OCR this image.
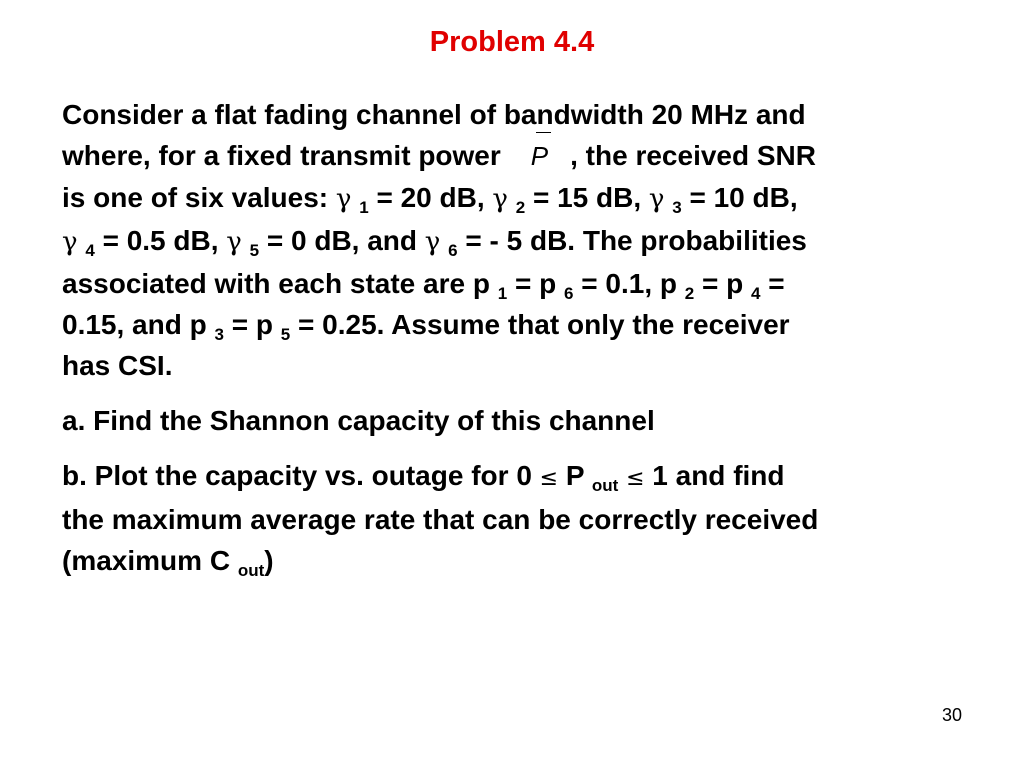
Problem 4.4

Consider a flat fading channel of bandwidth 20 MHz and
where, for a fixed transmit power P , the received SNR
is one of six values: γ $_1$ = 20 dB, γ $_2$ = 15 dB, γ $_3$ = 10 dB,
γ $_4$ = 0.5 dB, γ $_5$ = 0 dB, and γ $_6$ = - 5 dB. The probabilities
associated with each state are p $_1$ = p $_6$ = 0.1, p $_2$ = p $_4$ =
0.15, and p $_3$ = p $_5$ = 0.25. Assume that only the receiver
has CSI.

a. Find the Shannon capacity of this channel

b. Plot the capacity vs. outage for 0 ≤ P $_{out}$ ≤ 1 and find
the maximum average rate that can be correctly received
(maximum C $_{out}$)

30
